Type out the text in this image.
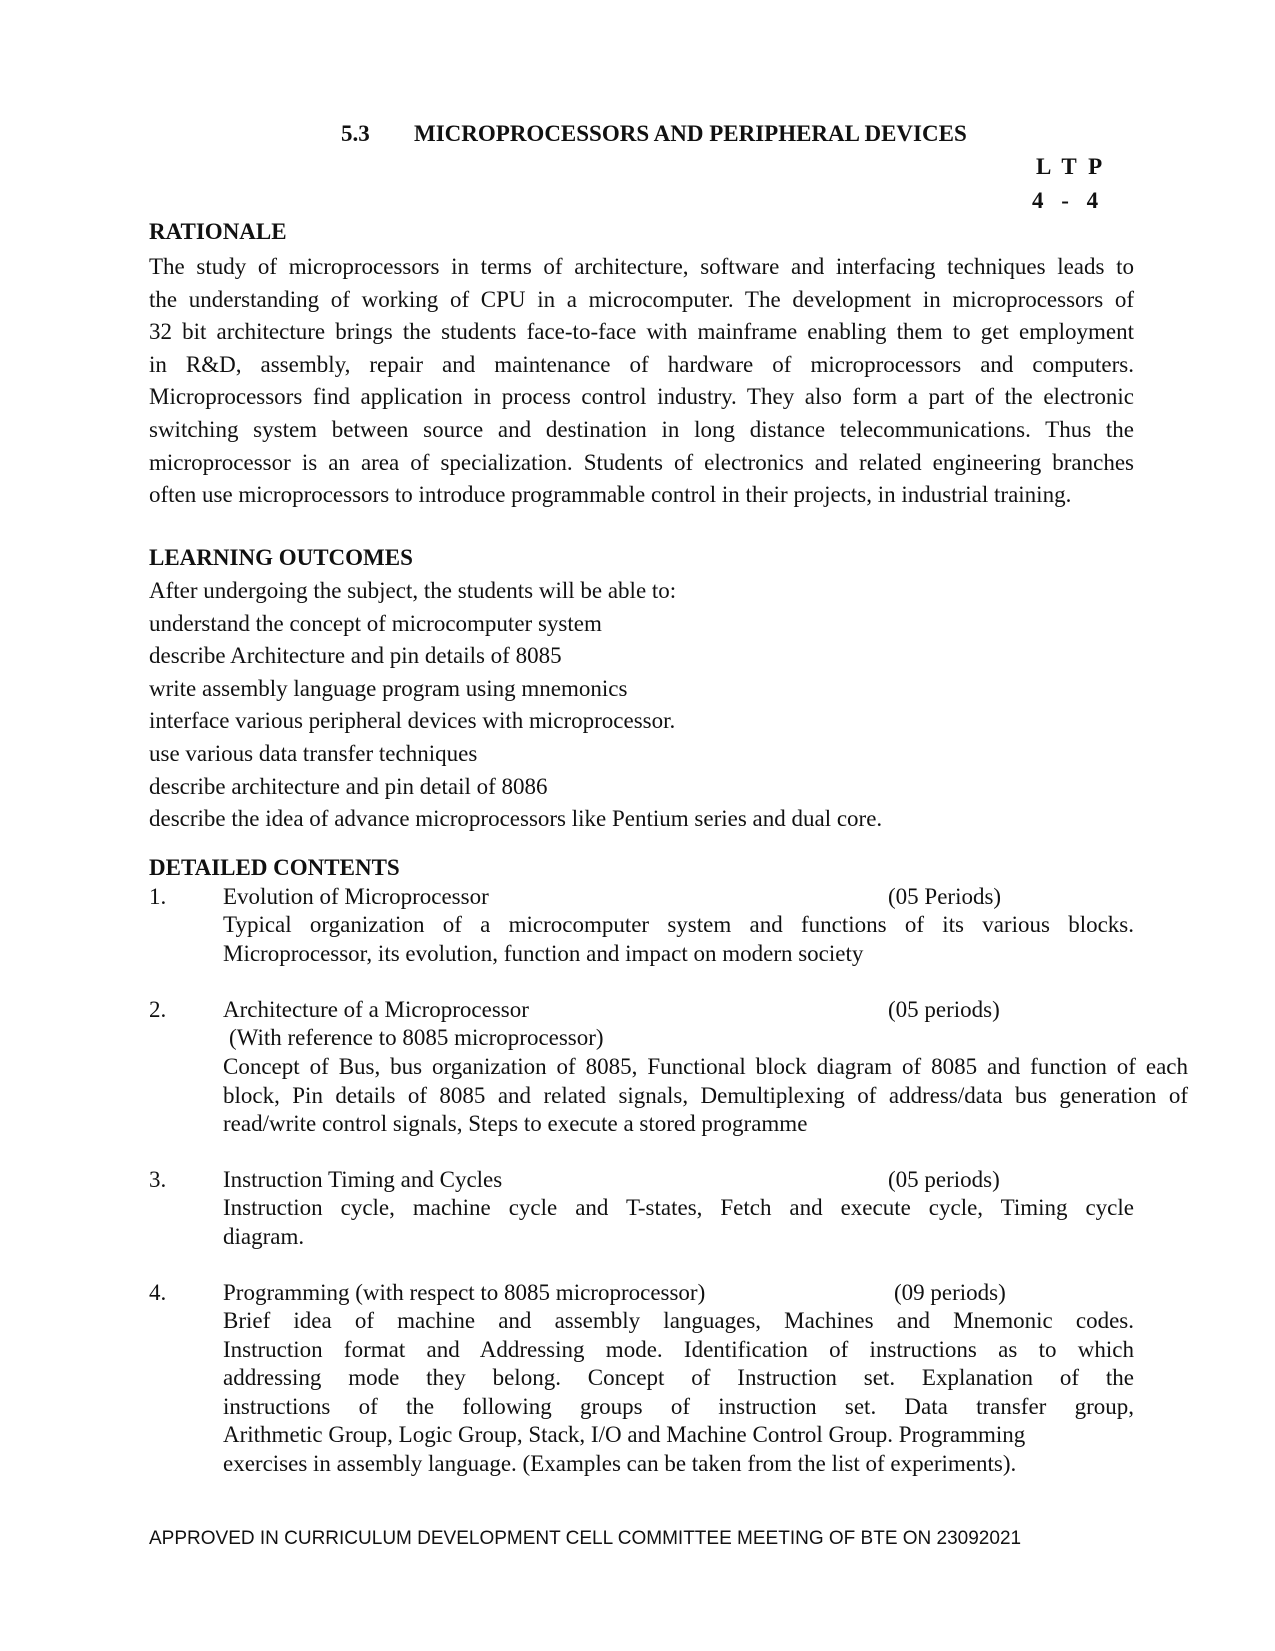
5.3 MICROPROCESSORS AND PERIPHERAL DEVICES
L T P
4 - 4
RATIONALE
The study of microprocessors in terms of architecture, software and interfacing techniques leads to
the understanding of working of CPU in a microcomputer. The development in microprocessors of
32 bit architecture brings the students face-to-face with mainframe enabling them to get employment
in R&D, assembly, repair and maintenance of hardware of microprocessors and computers.
Microprocessors find application in process control industry. They also form a part of the electronic
switching system between source and destination in long distance telecommunications. Thus the
microprocessor is an area of specialization. Students of electronics and related engineering branches
often use microprocessors to introduce programmable control in their projects, in industrial training.
LEARNING OUTCOMES
After undergoing the subject, the students will be able to:
understand the concept of microcomputer system
describe Architecture and pin details of 8085
write assembly language program using mnemonics
interface various peripheral devices with microprocessor.
use various data transfer techniques
describe architecture and pin detail of 8086
describe the idea of advance microprocessors like Pentium series and dual core.
DETAILED CONTENTS
1. Evolution of Microprocessor	(05 Periods)
Typical organization of a microcomputer system and functions of its various blocks.
Microprocessor, its evolution, function and impact on modern society
2. Architecture of a Microprocessor	(05 periods)
(With reference to 8085 microprocessor)
Concept of Bus, bus organization of 8085, Functional block diagram of 8085 and function of each
block, Pin details of 8085 and related signals, Demultiplexing of address/data bus generation of
read/write control signals, Steps to execute a stored programme
3. Instruction Timing and Cycles	(05 periods)
Instruction cycle, machine cycle and T-states, Fetch and execute cycle, Timing cycle
diagram.
4. Programming (with respect to 8085 microprocessor)	(09 periods)
Brief idea of machine and assembly languages, Machines and Mnemonic codes.
Instruction format and Addressing mode. Identification of instructions as to which
addressing mode they belong. Concept of Instruction set. Explanation of the
instructions of the following groups of instruction set. Data transfer group,
Arithmetic Group, Logic Group, Stack, I/O and Machine Control Group. Programming
exercises in assembly language. (Examples can be taken from the list of experiments).
APPROVED IN CURRICULUM DEVELOPMENT CELL COMMITTEE MEETING OF BTE ON 23092021
